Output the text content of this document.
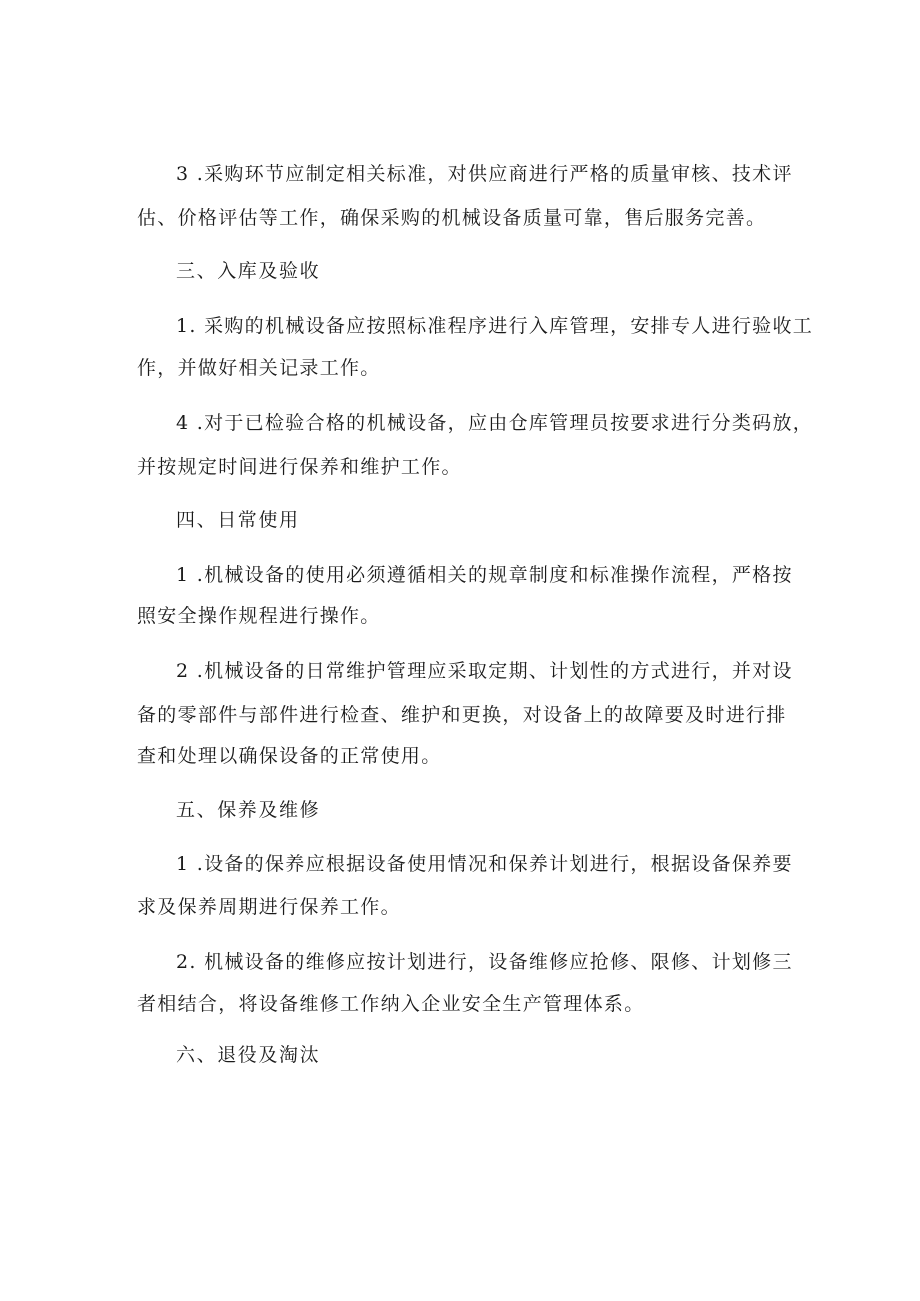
3 .采购环节应制定相关标准，对供应商进行严格的质量审核、技术评
估、价格评估等工作，确保采购的机械设备质量可靠，售后服务完善。
三、入库及验收
1. 采购的机械设备应按照标准程序进行入库管理，安排专人进行验收工
作，并做好相关记录工作。
4 .对于已检验合格的机械设备，应由仓库管理员按要求进行分类码放，
并按规定时间进行保养和维护工作。
四、日常使用
1 .机械设备的使用必须遵循相关的规章制度和标准操作流程，严格按
照安全操作规程进行操作。
2 .机械设备的日常维护管理应采取定期、计划性的方式进行，并对设
备的零部件与部件进行检查、维护和更换，对设备上的故障要及时进行排
查和处理以确保设备的正常使用。
五、保养及维修
1 .设备的保养应根据设备使用情况和保养计划进行，根据设备保养要
求及保养周期进行保养工作。
2. 机械设备的维修应按计划进行，设备维修应抢修、限修、计划修三
者相结合，将设备维修工作纳入企业安全生产管理体系。
六、退役及淘汰
